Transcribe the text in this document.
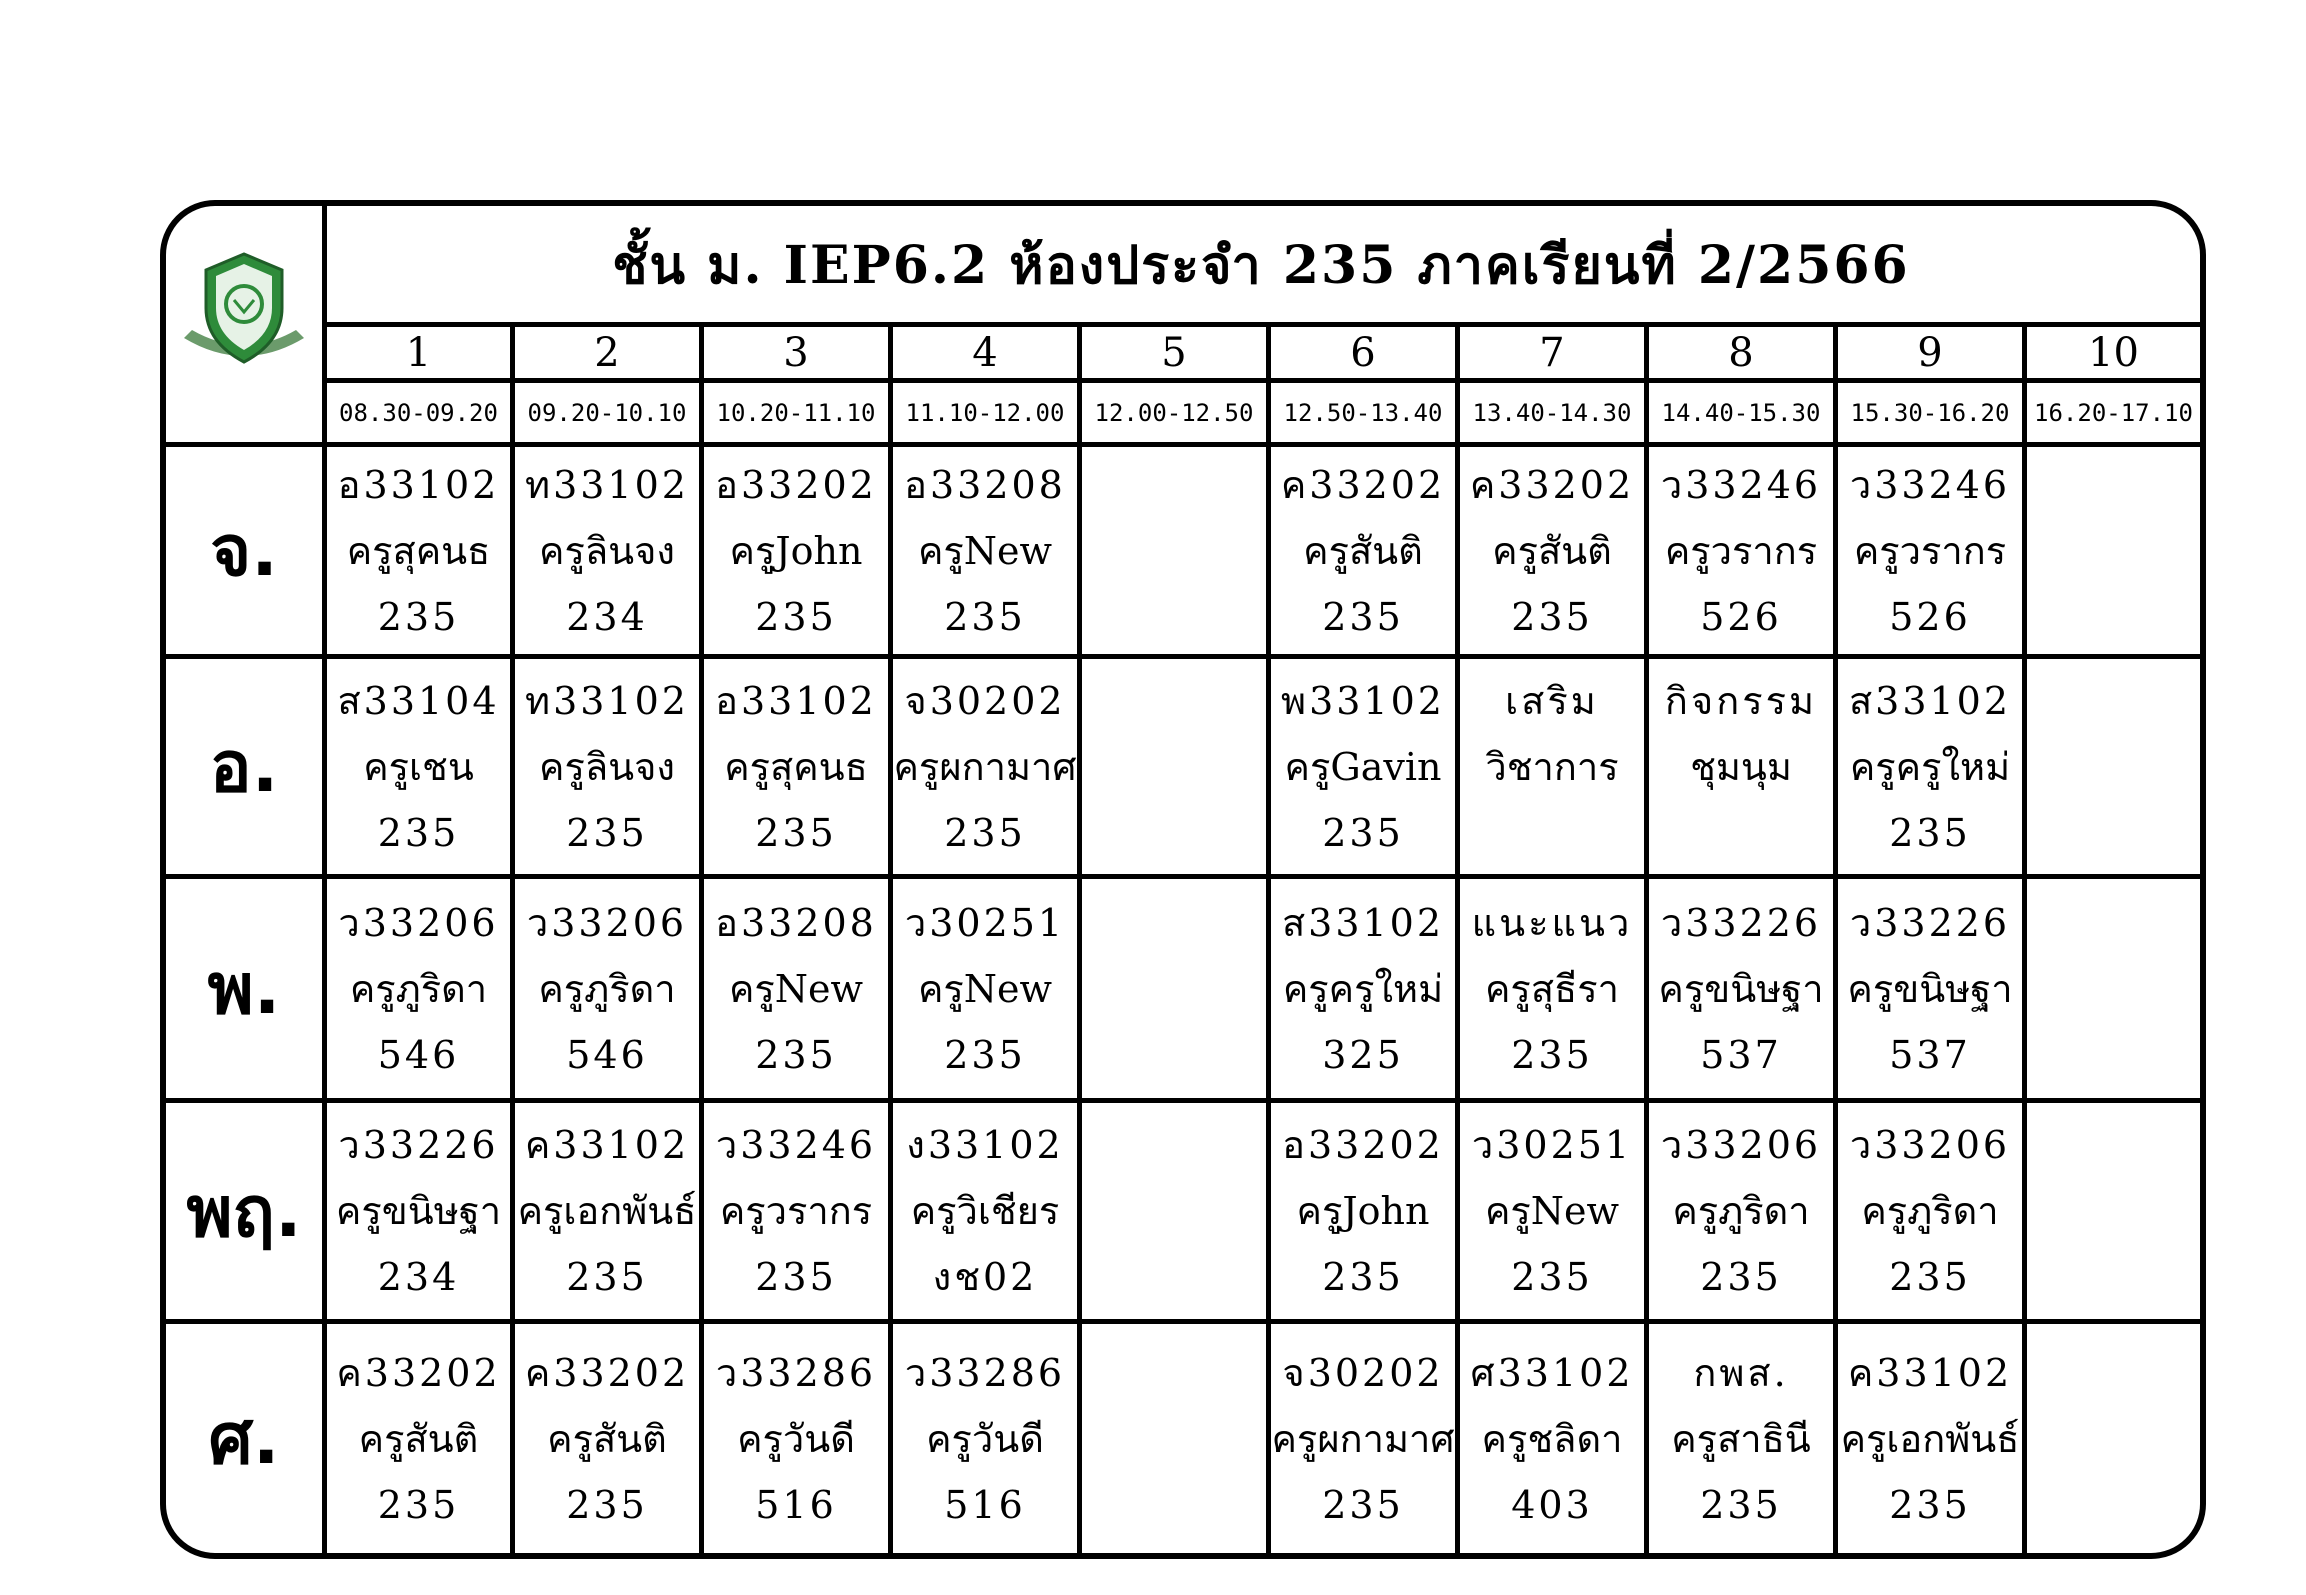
ชั้น ม. IEP6.2 ห้องประจำ 235 ภาคเรียนที่ 2/2566
1
08.30-09.20
2
09.20-10.10
3
10.20-11.10
4
11.10-12.00
5
12.00-12.50
6
12.50-13.40
7
13.40-14.30
8
14.40-15.30
9
15.30-16.20
10
16.20-17.10
จ.
อ33102
ครูสุคนธ
235
ท33102
ครูลินจง
234
อ33202
ครูJohn
235
อ33208
ครูNew
235
ค33202
ครูสันติ
235
ค33202
ครูสันติ
235
ว33246
ครูวรากร
526
ว33246
ครูวรากร
526
อ.
ส33104
ครูเชน
235
ท33102
ครูลินจง
235
อ33102
ครูสุคนธ
235
จ30202
ครูผกามาศ
235
พ33102
ครูGavin
235
เสริม
วิชาการ
กิจกรรม
ชุมนุม
ส33102
ครูครูใหม่
235
พ.
ว33206
ครูภูริดา
546
ว33206
ครูภูริดา
546
อ33208
ครูNew
235
ว30251
ครูNew
235
ส33102
ครูครูใหม่
325
แนะแนว
ครูสุธีรา
235
ว33226
ครูขนิษฐา
537
ว33226
ครูขนิษฐา
537
พฤ.
ว33226
ครูขนิษฐา
234
ค33102
ครูเอกพันธ์
235
ว33246
ครูวรากร
235
ง33102
ครูวิเชียร
งช02
อ33202
ครูJohn
235
ว30251
ครูNew
235
ว33206
ครูภูริดา
235
ว33206
ครูภูริดา
235
ศ.
ค33202
ครูสันติ
235
ค33202
ครูสันติ
235
ว33286
ครูวันดี
516
ว33286
ครูวันดี
516
จ30202
ครูผกามาศ
235
ศ33102
ครูชลิดา
403
กพส.
ครูสาธินี
235
ค33102
ครูเอกพันธ์
235
